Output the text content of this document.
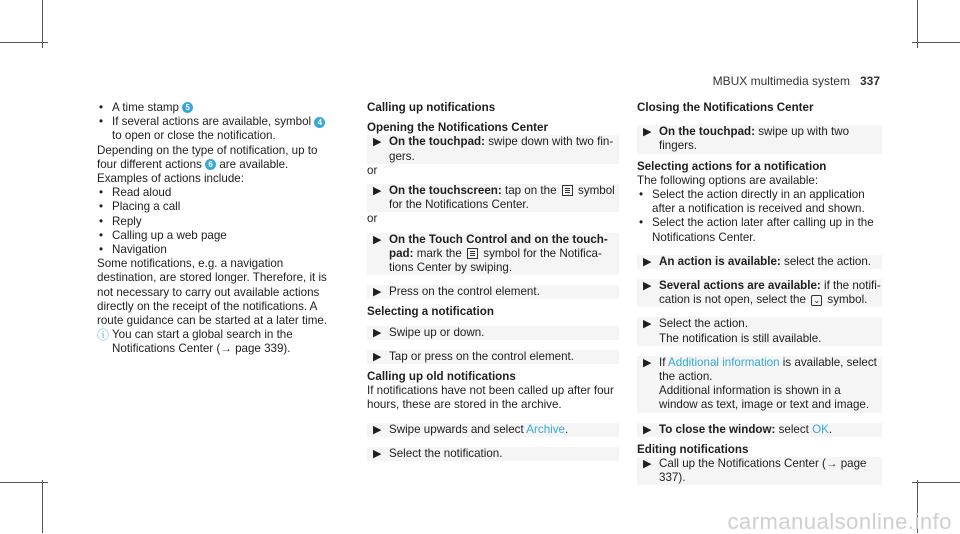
MBUX multimedia system 337

• A time stamp 5

• If several actions are available, symbol 4 to open or close the notification.

Depending on the type of notification, up to four different actions 6 are available.

Examples of actions include:

• Read aloud

• Placing a call

• Reply

• Calling up a web page

• Navigation

Some notifications, e.g. a navigation destination, are stored longer. Therefore, it is not necessary to carry out available actions directly on the receipt of the notifications. A route guidance can be started at a later time.

ⓘ You can start a global search in the Notifications Center (→ page 339).

Calling up notifications

Opening the Notifications Center

▶ On the touchpad: swipe down with two fingers.

or

▶ On the touchscreen: tap on the symbol for the Notifications Center.

or

▶ On the Touch Control and on the touchpad: mark the symbol for the Notifications Center by swiping.

▶ Press on the control element.

Selecting a notification

▶ Swipe up or down.

▶ Tap or press on the control element.

Calling up old notifications

If notifications have not been called up after four hours, these are stored in the archive.

▶ Swipe upwards and select Archive.

▶ Select the notification.

Closing the Notifications Center

▶ On the touchpad: swipe up with two fingers.

Selecting actions for a notification

The following options are available:

• Select the action directly in an application after a notification is received and shown.

• Select the action later after calling up in the Notifications Center.

▶ An action is available: select the action.

▶ Several actions are available: if the notification is not open, select the ⌄ symbol.

▶ Select the action.

The notification is still available.

▶ If Additional information is available, select the action.

Additional information is shown in a window as text, image or text and image.

▶ To close the window: select OK.

Editing notifications

▶ Call up the Notifications Center (→ page 337).

carmanualsonline.info
